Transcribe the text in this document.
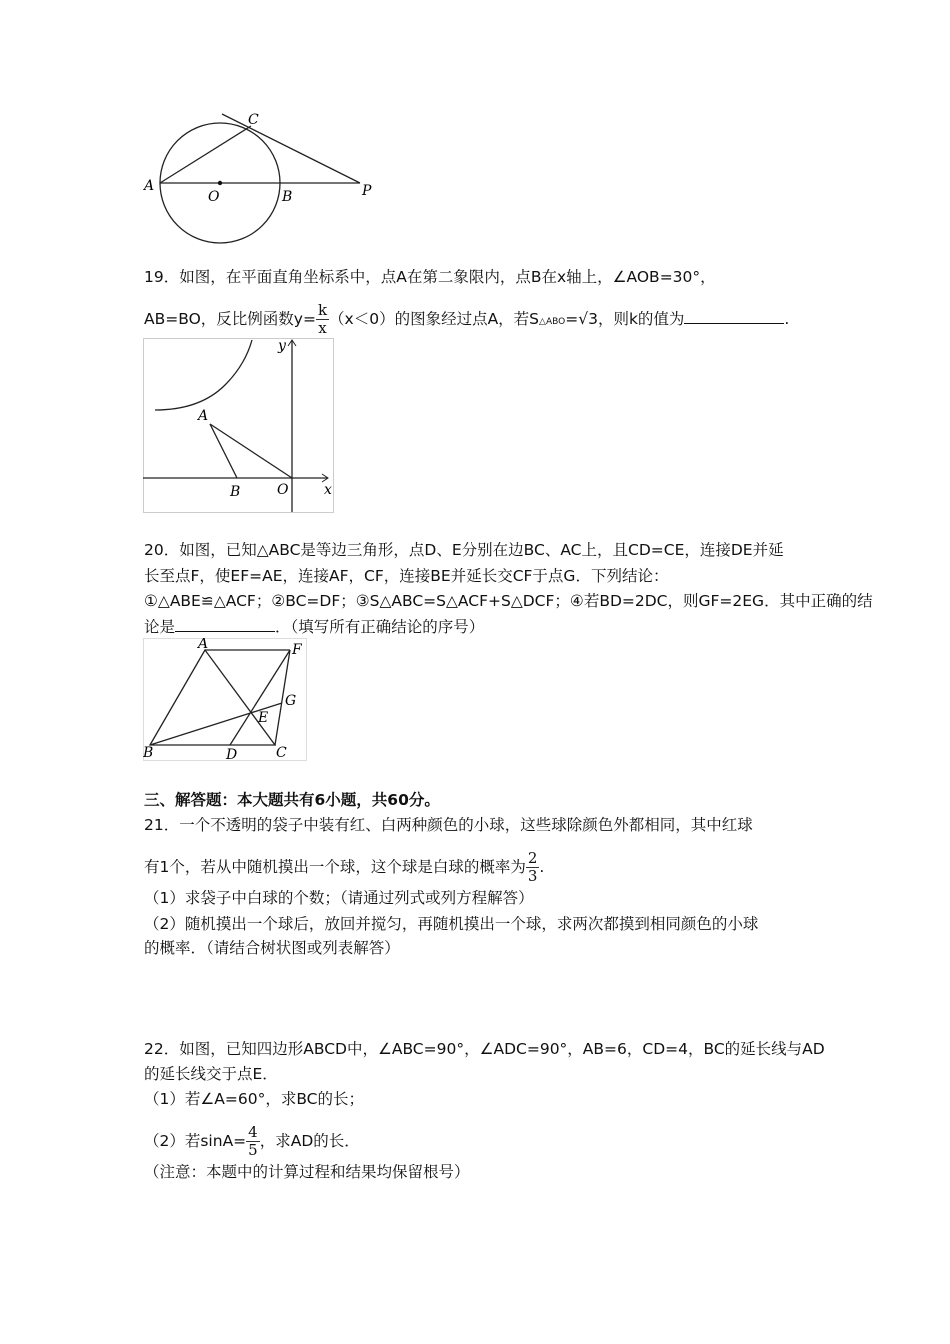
A
O	B
C
P
19．如图，在平面直角坐标系中，点A在第二象限内，点B在x轴上，∠AOB=30°，
AB=BO，反比例函数$y= \frac{k}{x} (x<0)$的图象经过点A，若S△ABO=√3，则k的值为	.
y
A
B	O	x
20．如图，已知△ABC是等边三角形，点D、E分别在边BC、AC上，且CD=CE，连接DE并延
长至点F，使EF=AE，连接AF，CF，连接BE并延长交CF于点G．下列结论：
①△ABE≌△ACF；②BC=DF；③S△ABC=S△ACF+S△DCF；④若BD=2DC，则GF=2EG．其中正确的结
论是	．（填写所有正确结论的序号）
A	F
G
E
B	D	C
三、解答题：本大题共有6小题，共60分。
21．一个不透明的袋子中装有红、白两种颜色的小球，这些球除颜色外都相同，其中红球
有1个，若从中随机摸出一个球，这个球是白球的概率为 $\frac{2}{3}$ .
（1）求袋子中白球的个数；（请通过列式或列方程解答）
（2）随机摸出一个球后，放回并搅匀，再随机摸出一个球，求两次都摸到相同颜色的小球
的概率．（请结合树状图或列表解答）
22．如图，已知四边形ABCD中，∠ABC=90°，∠ADC=90°，AB=6，CD=4，BC的延长线与AD
的延长线交于点E．
（1）若∠A=60°，求BC的长；
（2）若$\sin A= \frac{4}{5}$ ，求AD的长．
（注意：本题中的计算过程和结果均保留根号）
